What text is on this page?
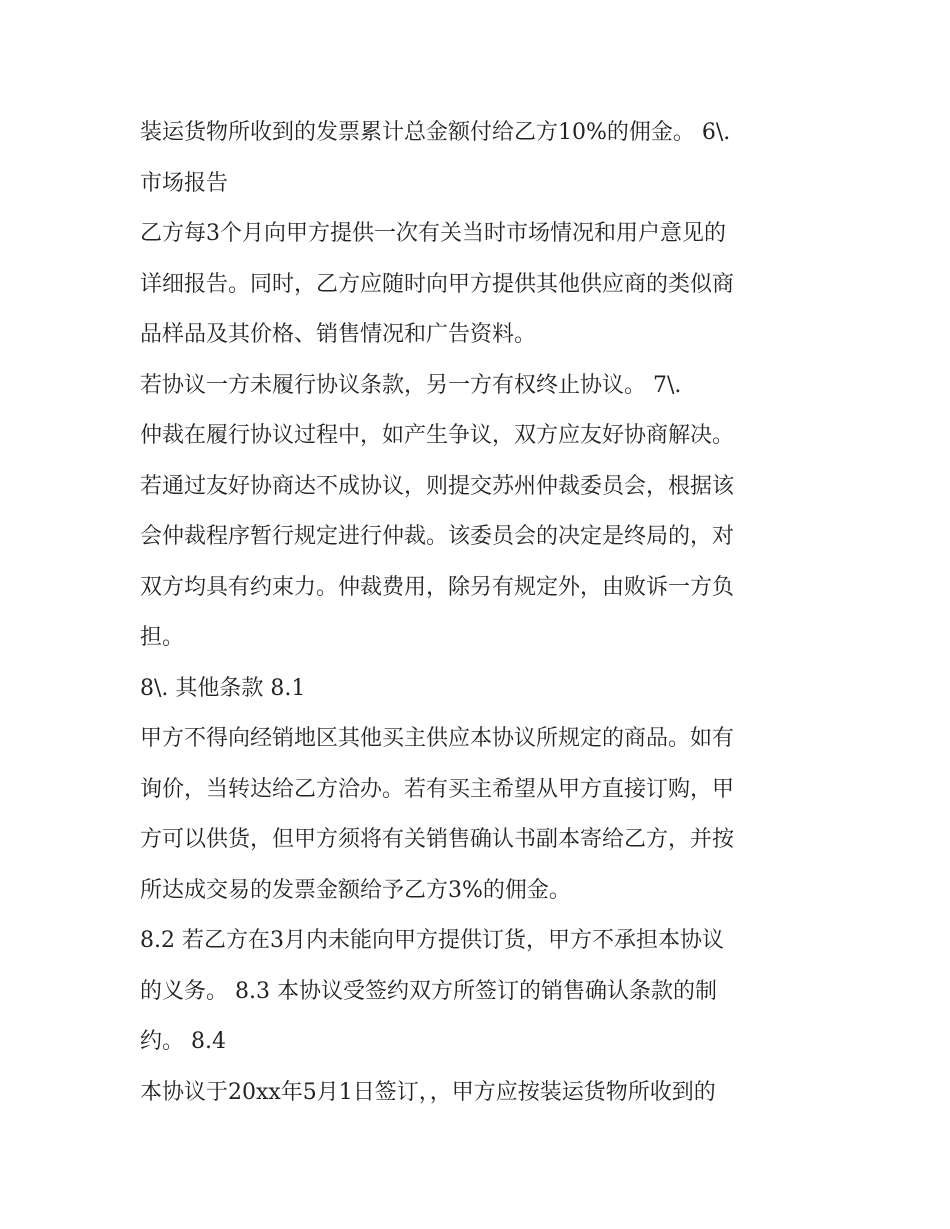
装运货物所收到的发票累计总金额付给乙方10%的佣金。 6\.
市场报告
乙方每3个月向甲方提供一次有关当时市场情况和用户意见的
详细报告。同时，乙方应随时向甲方提供其他供应商的类似商
品样品及其价格、销售情况和广告资料。
若协议一方未履行协议条款，另一方有权终止协议。 7\.
仲裁在履行协议过程中，如产生争议，双方应友好协商解决。
若通过友好协商达不成协议，则提交苏州仲裁委员会，根据该
会仲裁程序暂行规定进行仲裁。该委员会的决定是终局的，对
双方均具有约束力。仲裁费用，除另有规定外，由败诉一方负
担。
8\. 其他条款 8.1
甲方不得向经销地区其他买主供应本协议所规定的商品。如有
询价，当转达给乙方洽办。若有买主希望从甲方直接订购，甲
方可以供货，但甲方须将有关销售确认书副本寄给乙方，并按
所达成交易的发票金额给予乙方3%的佣金。
8.2 若乙方在3月内未能向甲方提供订货，甲方不承担本协议
的义务。 8.3 本协议受签约双方所签订的销售确认条款的制
约。 8.4
本协议于20xx年5月1日签订，，甲方应按装运货物所收到的
